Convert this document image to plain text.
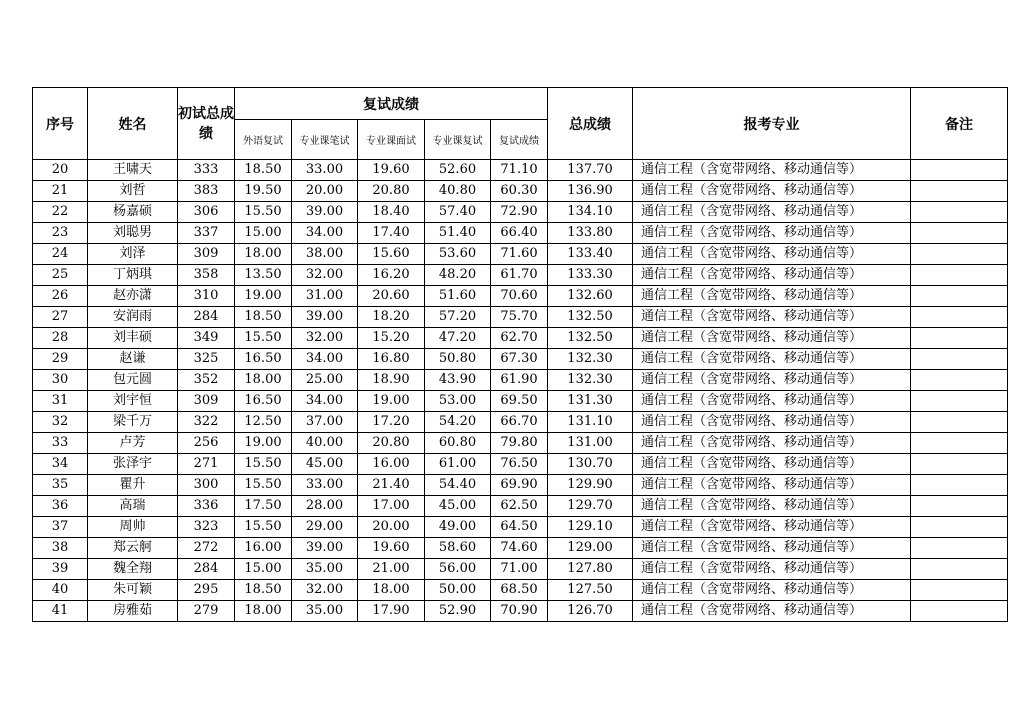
序号	姓名	初试总成绩	复试成绩					总成绩	报考专业	备注
			外语复试	专业课笔试	专业课面试	专业课复试	复试成绩			
20	王啸天	333	18.50	33.00	19.60	52.60	71.10	137.70	通信工程（含宽带网络、移动通信等）	
21	刘哲	383	19.50	20.00	20.80	40.80	60.30	136.90	通信工程（含宽带网络、移动通信等）	
22	杨嘉硕	306	15.50	39.00	18.40	57.40	72.90	134.10	通信工程（含宽带网络、移动通信等）	
23	刘聪男	337	15.00	34.00	17.40	51.40	66.40	133.80	通信工程（含宽带网络、移动通信等）	
24	刘泽	309	18.00	38.00	15.60	53.60	71.60	133.40	通信工程（含宽带网络、移动通信等）	
25	丁炳琪	358	13.50	32.00	16.20	48.20	61.70	133.30	通信工程（含宽带网络、移动通信等）	
26	赵亦潇	310	19.00	31.00	20.60	51.60	70.60	132.60	通信工程（含宽带网络、移动通信等）	
27	安润雨	284	18.50	39.00	18.20	57.20	75.70	132.50	通信工程（含宽带网络、移动通信等）	
28	刘丰硕	349	15.50	32.00	15.20	47.20	62.70	132.50	通信工程（含宽带网络、移动通信等）	
29	赵谦	325	16.50	34.00	16.80	50.80	67.30	132.30	通信工程（含宽带网络、移动通信等）	
30	包元圆	352	18.00	25.00	18.90	43.90	61.90	132.30	通信工程（含宽带网络、移动通信等）	
31	刘宇恒	309	16.50	34.00	19.00	53.00	69.50	131.30	通信工程（含宽带网络、移动通信等）	
32	梁千万	322	12.50	37.00	17.20	54.20	66.70	131.10	通信工程（含宽带网络、移动通信等）	
33	卢芳	256	19.00	40.00	20.80	60.80	79.80	131.00	通信工程（含宽带网络、移动通信等）	
34	张泽宇	271	15.50	45.00	16.00	61.00	76.50	130.70	通信工程（含宽带网络、移动通信等）	
35	瞿升	300	15.50	33.00	21.40	54.40	69.90	129.90	通信工程（含宽带网络、移动通信等）	
36	高瑞	336	17.50	28.00	17.00	45.00	62.50	129.70	通信工程（含宽带网络、移动通信等）	
37	周帅	323	15.50	29.00	20.00	49.00	64.50	129.10	通信工程（含宽带网络、移动通信等）	
38	郑云舸	272	16.00	39.00	19.60	58.60	74.60	129.00	通信工程（含宽带网络、移动通信等）	
39	魏全翔	284	15.00	35.00	21.00	56.00	71.00	127.80	通信工程（含宽带网络、移动通信等）	
40	朱可颖	295	18.50	32.00	18.00	50.00	68.50	127.50	通信工程（含宽带网络、移动通信等）	
41	房雅茹	279	18.00	35.00	17.90	52.90	70.90	126.70	通信工程（含宽带网络、移动通信等）	
